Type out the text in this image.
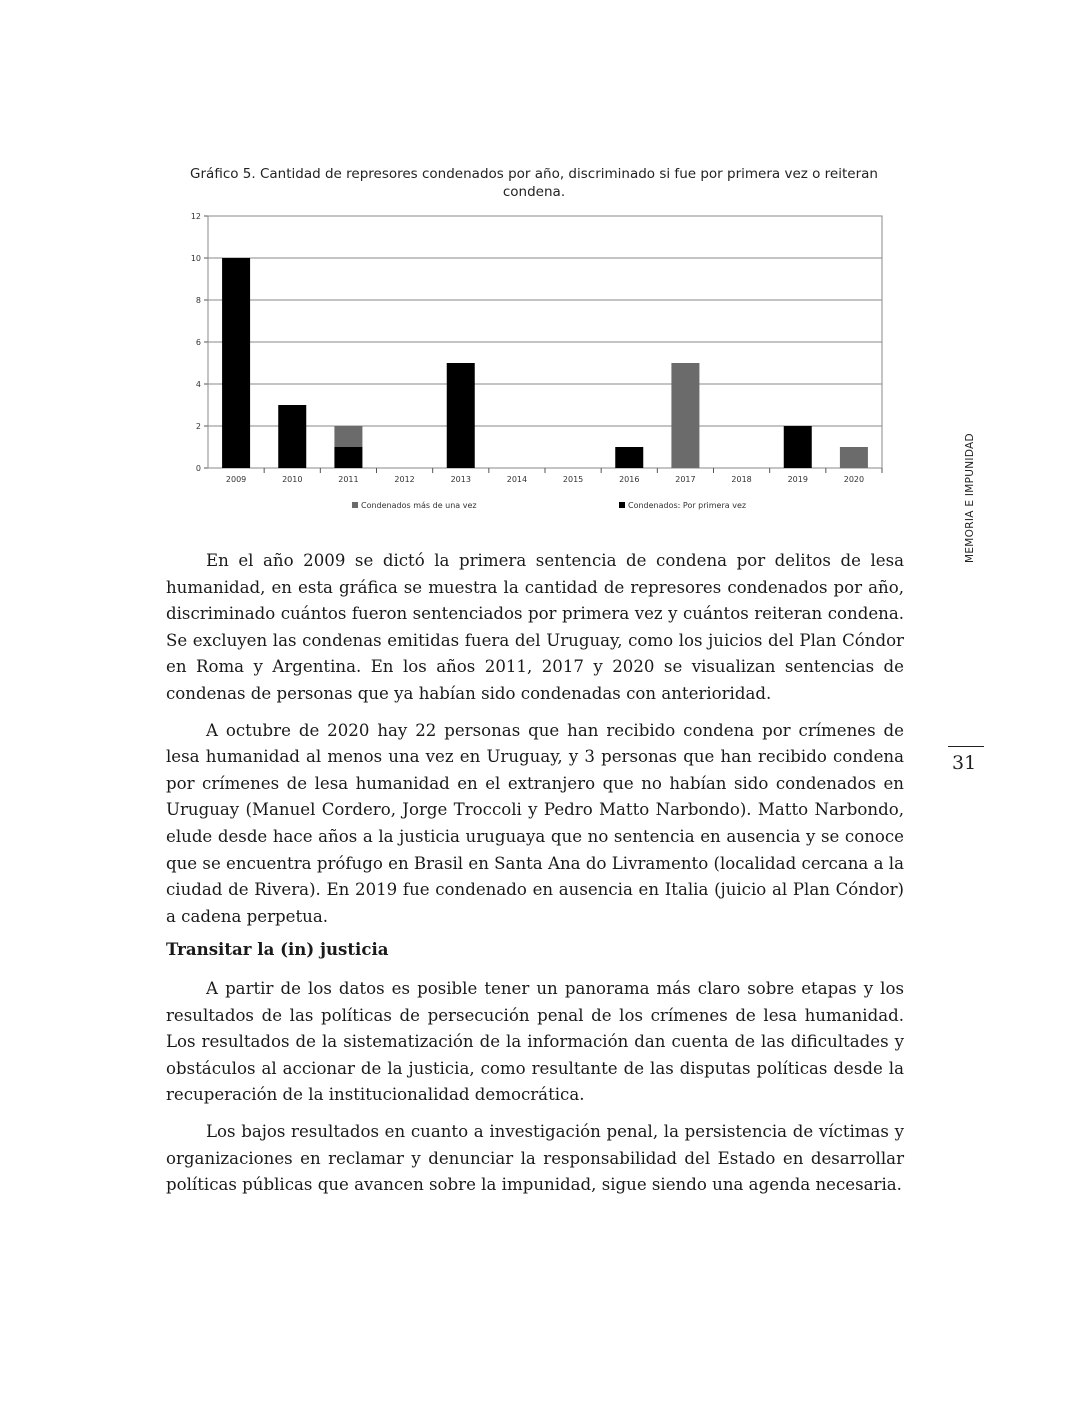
Gráfico 5. Cantidad de represores condenados por año, discriminado si fue por primera vez o reiteran condena.
0
2
4
6
8
10
12
2009	2010	2011	2012	2013	2014	2015	2016	2017	2018	2019	2020
Condenados más de una vez	Condenados: Por primera vez

En el año 2009 se dictó la primera sentencia de condena por delitos de lesa humanidad, en esta gráfica se muestra la cantidad de represores condenados por año, discriminado cuántos fueron sentenciados por primera vez y cuántos reiteran condena. Se excluyen las condenas emitidas fuera del Uruguay, como los juicios del Plan Cóndor en Roma y Argentina. En los años 2011, 2017 y 2020 se visualizan sentencias de condenas de personas que ya habían sido condenadas con anterioridad.

A octubre de 2020 hay 22 personas que han recibido condena por crímenes de lesa humanidad al menos una vez en Uruguay, y 3 personas que han recibido condena por crímenes de lesa humanidad en el extranjero que no habían sido condenados en Uruguay (Manuel Cordero, Jorge Troccoli y Pedro Matto Narbondo). Matto Narbondo, elude desde hace años a la justicia uruguaya que no sentencia en ausencia y se conoce que se encuentra prófugo en Brasil en Santa Ana do Livramento (localidad cercana a la ciudad de Rivera). En 2019 fue condenado en ausencia en Italia (juicio al Plan Cóndor) a cadena perpetua.

Transitar la (in) justicia

A partir de los datos es posible tener un panorama más claro sobre etapas y los resultados de las políticas de persecución penal de los crímenes de lesa humanidad. Los resultados de la sistematización de la información dan cuenta de las dificultades y obstáculos al accionar de la justicia, como resultante de las disputas políticas desde la recuperación de la institucionalidad democrática.

Los bajos resultados en cuanto a investigación penal, la persistencia de víctimas y organizaciones en reclamar y denunciar la responsabilidad del Estado en desarrollar políticas públicas que avancen sobre la impunidad, sigue siendo una agenda necesaria.

MEMORIA E IMPUNIDAD
31
